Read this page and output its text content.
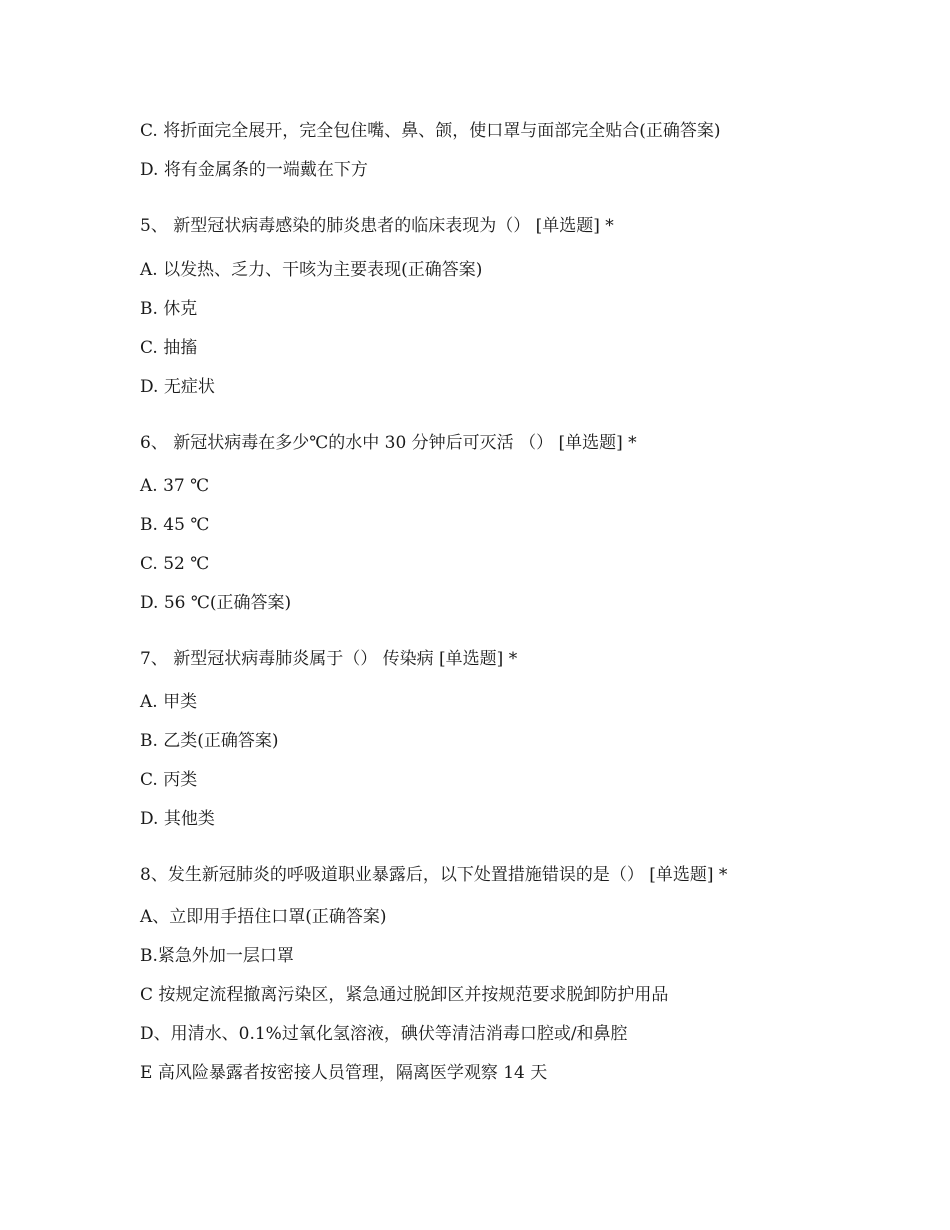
C. 将折面完全展开，完全包住嘴、鼻、颌，使口罩与面部完全贴合(正确答案)
D. 将有金属条的一端戴在下方
5、 新型冠状病毒感染的肺炎患者的临床表现为（） [单选题] *
A. 以发热、乏力、干咳为主要表现(正确答案)
B. 休克
C. 抽搐
D. 无症状
6、 新冠状病毒在多少℃的水中 30 分钟后可灭活 （） [单选题] *
A. 37 ℃
B. 45 ℃
C. 52 ℃
D. 56 ℃(正确答案)
7、 新型冠状病毒肺炎属于（） 传染病 [单选题] *
A. 甲类
B. 乙类(正确答案)
C. 丙类
D. 其他类
8、发生新冠肺炎的呼吸道职业暴露后，以下处置措施错误的是（） [单选题] *
A、立即用手捂住口罩(正确答案)
B.紧急外加一层口罩
C 按规定流程撤离污染区，紧急通过脱卸区并按规范要求脱卸防护用品
D、用清水、0.1%过氧化氢溶液，碘伏等清洁消毒口腔或/和鼻腔
E 高风险暴露者按密接人员管理，隔离医学观察 14 天
